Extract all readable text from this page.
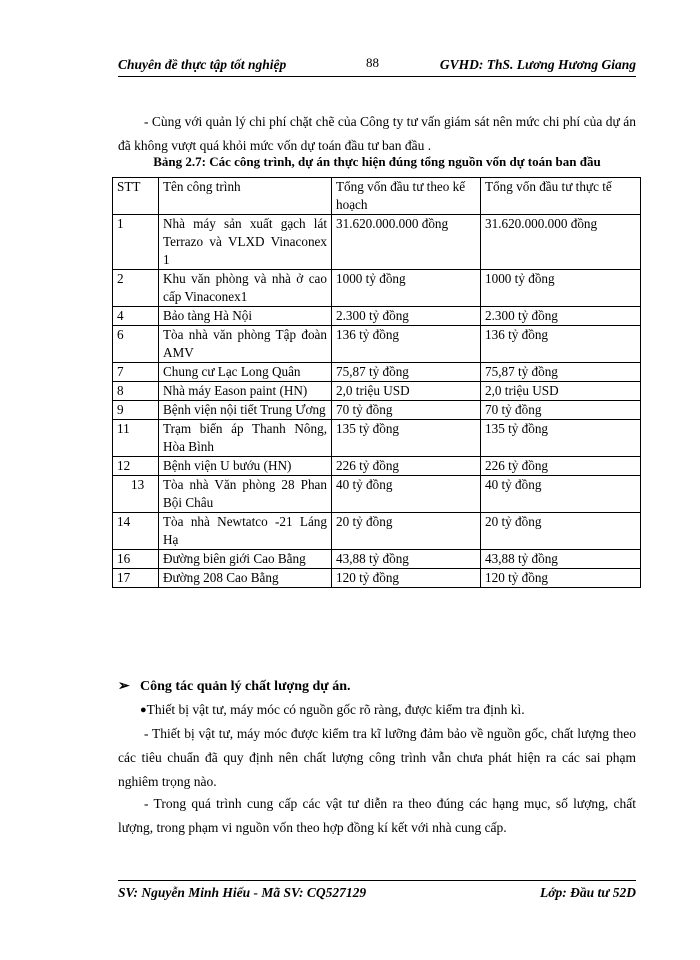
Chuyên đề thực tập tốt nghiệp	88	GVHD: ThS. Lương Hương Giang

- Cùng với quản lý chi phí chặt chẽ của Công ty tư vấn giám sát nên mức chi phí của dự án đã không vượt quá khỏi mức vốn dự toán đầu tư ban đầu .

Bảng 2.7: Các công trình, dự án thực hiện đúng tổng nguồn vốn dự toán ban đầu
STT	Tên công trình	Tổng vốn đầu tư theo kế hoạch	Tổng vốn đầu tư thực tế
1	Nhà máy sản xuất gạch lát Terrazo và VLXD Vinaconex 1	31.620.000.000 đồng	31.620.000.000 đồng
2	Khu văn phòng và nhà ở cao cấp Vinaconex1	1000 tỷ đồng	1000 tỷ đồng
4	Bảo tàng Hà Nội	2.300 tỷ đồng	2.300 tỷ đồng
6	Tòa nhà văn phòng Tập đoàn AMV	136 tỷ đồng	136 tỷ đồng
7	Chung cư Lạc Long Quân	75,87 tỷ đồng	75,87 tỷ đồng
8	Nhà máy Eason paint (HN)	2,0 triệu USD	2,0 triệu USD
9	Bệnh viện nội tiết Trung Ương	70 tỷ đồng	70 tỷ đồng
11	Trạm biến áp Thanh Nông, Hòa Bình	135 tỷ đồng	135 tỷ đồng
12	Bệnh viện U bướu (HN)	226 tỷ đồng	226 tỷ đồng
13	Tòa nhà Văn phòng 28 Phan Bội Châu	40 tỷ đồng	40 tỷ đồng
14	Tòa nhà Newtatco -21 Láng Hạ	20 tỷ đồng	20 tỷ đồng
16	Đường biên giới Cao Bằng	43,88 tỷ đồng	43,88 tỷ đồng
17	Đường 208 Cao Bằng	120 tỷ đồng	120 tỷ đồng
➢ Công tác quản lý chất lượng dự án.

●Thiết bị vật tư, máy móc có nguồn gốc rõ ràng, được kiểm tra định kì.

- Thiết bị vật tư, máy móc được kiểm tra kĩ lưỡng đảm bảo về nguồn gốc, chất lượng theo các tiêu chuẩn đã quy định nên chất lượng công trình vẫn chưa phát hiện ra các sai phạm nghiêm trọng nào.

- Trong quá trình cung cấp các vật tư diễn ra theo đúng các hạng mục, số lượng, chất lượng, trong phạm vi nguồn vốn theo hợp đồng kí kết với nhà cung cấp.

SV: Nguyễn Minh Hiếu - Mã SV: CQ527129	Lớp: Đầu tư 52D
